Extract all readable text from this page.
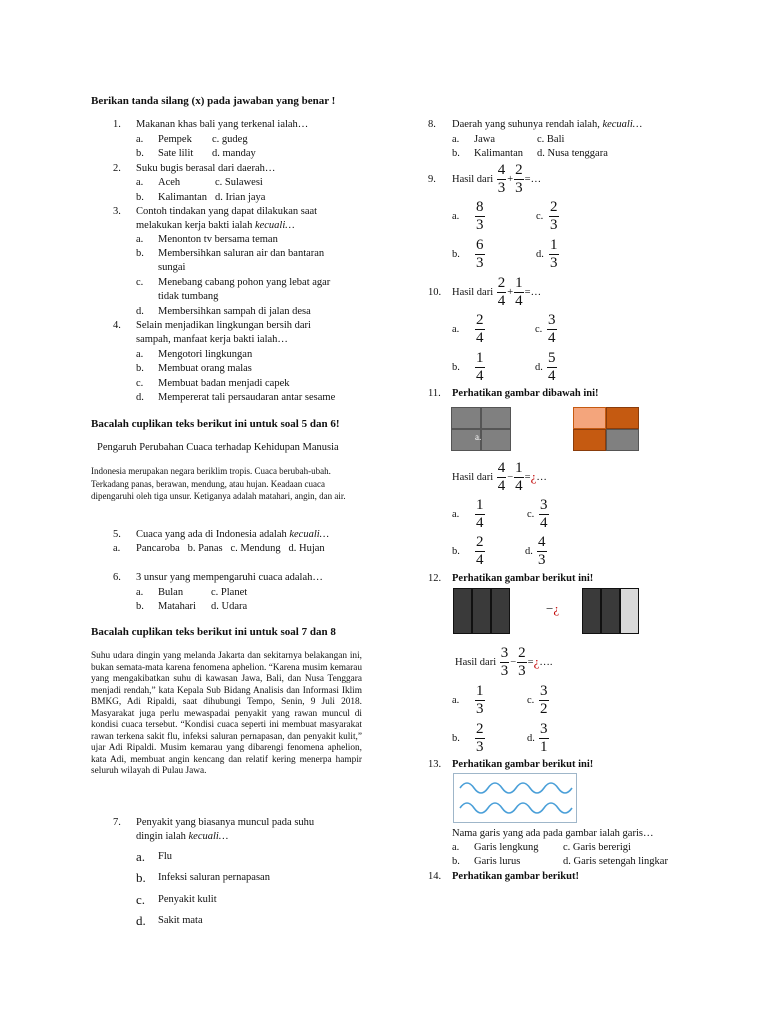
Berikan tanda silang (x) pada jawaban yang benar !
1. Makanan khas bali yang terkenal ialah…
a. Pempek c. gudeg
b. Sate lilit d. manday
2. Suku bugis berasal dari daerah…
a. Aceh	c. Sulawesi
b. Kalimantan d. Irian jaya
3. Contoh tindakan yang dapat dilakukan saat
melakukan kerja bakti ialah kecuali…
a. Menonton tv bersama teman
b. Membersihkan saluran air dan bantaran
sungai
c. Menebang cabang pohon yang lebat agar
tidak tumbang
d. Membersihkan sampah di jalan desa
4. Selain menjadikan lingkungan bersih dari
sampah, manfaat kerja bakti ialah…
a. Mengotori lingkungan
b. Membuat orang malas
c. Membuat badan menjadi capek
d. Mempererat tali persaudaran antar sesame
Bacalah cuplikan teks berikut ini untuk soal 5 dan 6!
Pengaruh Perubahan Cuaca terhadap Kehidupan Manusia
Indonesia merupakan negara beriklim tropis. Cuaca berubah-ubah. Terkadang panas, berawan, mendung, atau hujan. Keadaan cuaca dipengaruhi oleh tiga unsur. Ketiganya adalah matahari, angin, dan air.
5. Cuaca yang ada di Indonesia adalah kecuali…
a. Pancaroba   b. Panas   c. Mendung   d. Hujan
6. 3 unsur yang mempengaruhi cuaca adalah…
a. Bulan	c. Planet
b. Matahari d. Udara
Bacalah cuplikan teks berikut ini untuk soal 7 dan 8
Suhu udara dingin yang melanda Jakarta dan sekitarnya belakangan ini, bukan semata-mata karena fenomena aphelion. “Karena musim kemarau yang mengakibatkan suhu di kawasan Jawa, Bali, dan Nusa Tenggara menjadi rendah,” kata Kepala Sub Bidang Analisis dan Informasi Iklim BMKG, Adi Ripaldi, saat dihubungi Tempo, Senin, 9 Juli 2018. Masyarakat juga perlu mewaspadai penyakit yang rawan muncul di kondisi cuaca tersebut. “Kondisi cuaca seperti ini membuat masyarakat rawan terkena sakit flu, infeksi saluran pernapasan, dan penyakit kulit,” ujar Adi Ripaldi. Musim kemarau yang dibarengi fenomena aphelion, kata Adi, membuat angin kencang dan relatif kering menerpa hampir seluruh wilayah di Pulau Jawa.
7. Penyakit yang biasanya muncul pada suhu
dingin ialah kecuali…
a. Flu
b. Infeksi saluran pernapasan
c. Penyakit kulit
d. Sakit mata
8. Daerah yang suhunya rendah ialah, kecuali…
a. Jawa	c. Bali
b. Kalimantan d. Nusa tenggara
9. Hasil dari
$\frac{4}{3} + \frac{2}{3}$ =…
a.	$\frac{8}{3}$	c. $\frac{2}{3}$
b.	$\frac{6}{3}$	d. $\frac{1}{3}$
10. Hasil dari
$\frac{2}{4} + \frac{1}{4}$ =…
a.	$\frac{2}{4}$	c. $\frac{3}{4}$
b.	$\frac{1}{4}$	d. $\frac{5}{4}$
11. Perhatikan gambar dibawah ini!
a.
Hasil dari
$\frac{4}{4} - \frac{1}{4}$ = ¿ …
a.	$\frac{1}{4}$	c. $\frac{3}{4}$
b.	$\frac{2}{4}$	d. $\frac{4}{3}$
12. Perhatikan gambar berikut ini!
−¿
Hasil dari
$\frac{3}{3} - \frac{2}{3}$ = ¿ ….
a.	$\frac{1}{3}$	c. $\frac{3}{2}$
b.	$\frac{2}{3}$	d. $\frac{3}{1}$
13. Perhatikan gambar berikut ini!
Nama garis yang ada pada gambar ialah garis…
a. Garis lengkung c. Garis bererigi
b. Garis lurus	d. Garis setengah lingkar
14. Perhatikan gambar berikut!
